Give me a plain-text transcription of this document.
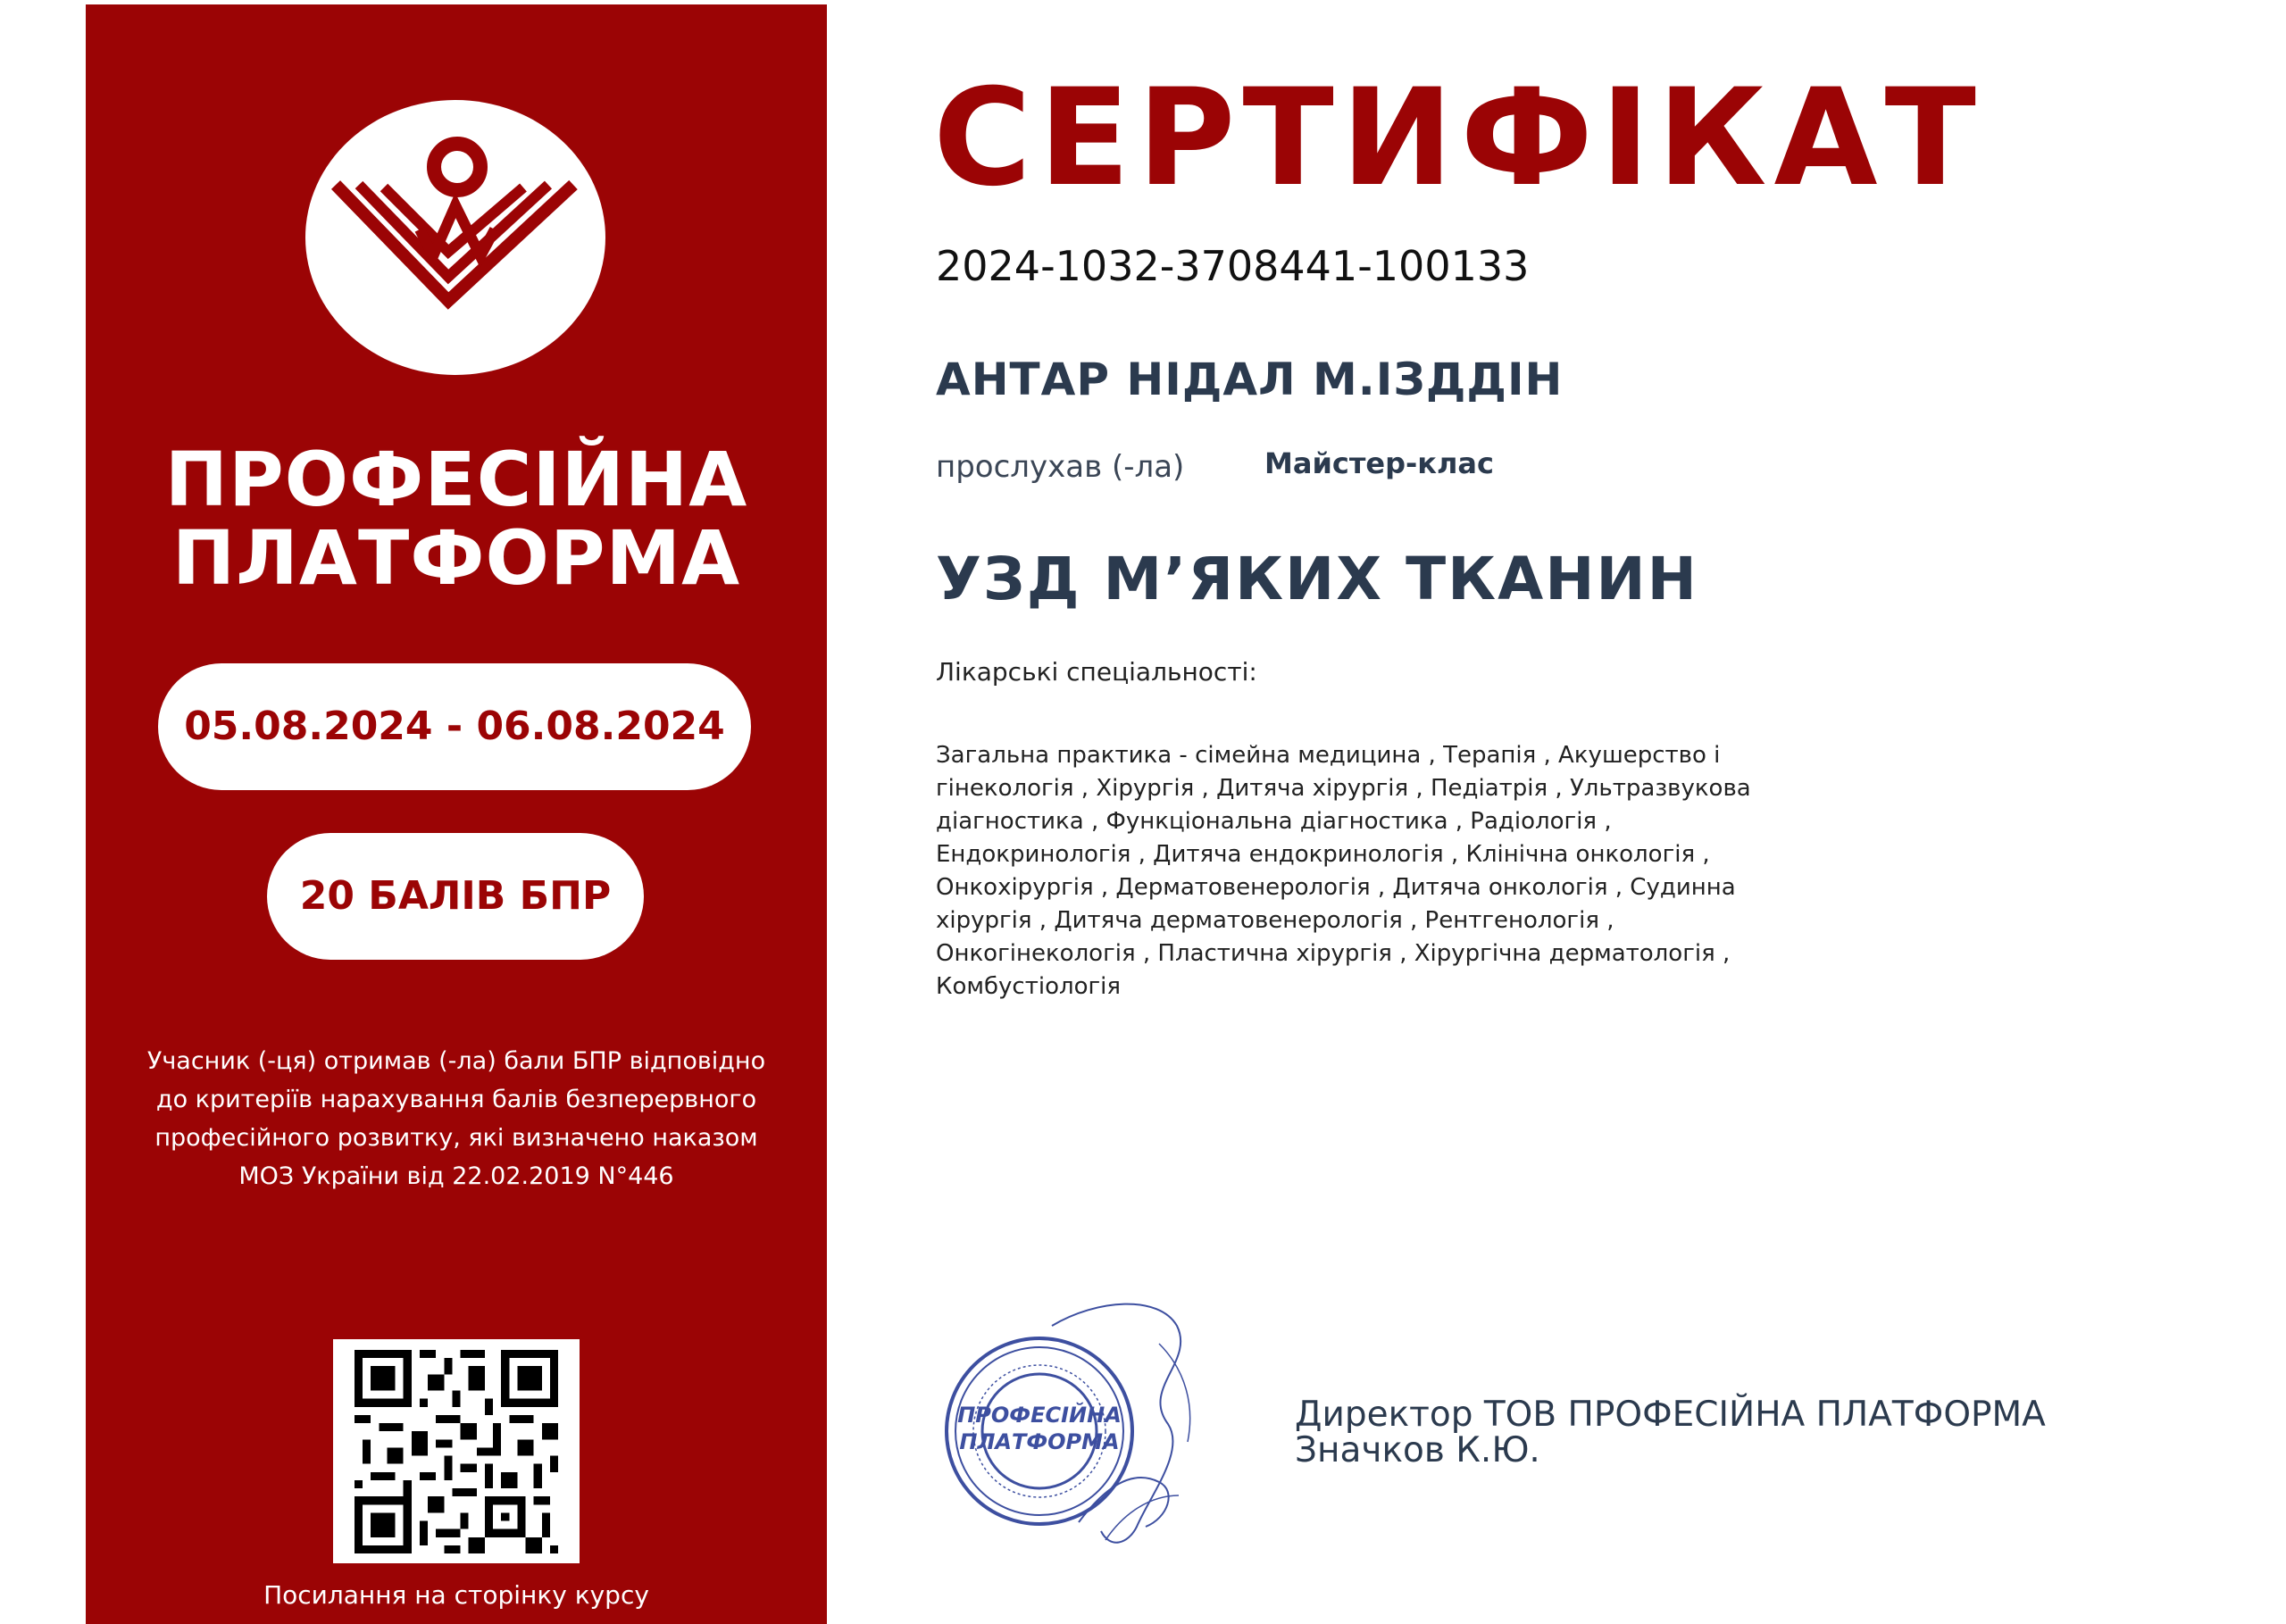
ПРОФЕСІЙНА
ПЛАТФОРМА
05.08.2024 - 06.08.2024
20 БАЛІВ БПР
Учасник (-ця) отримав (-ла) бали БПР відповідно до критеріїв нарахування балів безперервного професійного розвитку, які визначено наказом МОЗ України від 22.02.2019 N°446
Посилання на сторінку курсу
СЕРТИФІКАТ
2024-1032-3708441-100133
АНТАР НІДАЛ М.ІЗДДІН
прослухав (-ла)	Майстер-клас
УЗД М’ЯКИХ ТКАНИН
Лікарські спеціальності:
Загальна практика - сімейна медицина , Терапія , Акушерство і гінекологія , Хірургія , Дитяча хірургія , Педіатрія , Ультразвукова діагностика , Функціональна діагностика , Радіологія , Ендокринологія , Дитяча ендокринологія , Клінічна онкологія , Онкохірургія , Дерматовенерологія , Дитяча онкологія , Судинна хірургія , Дитяча дерматовенерологія , Рентгенологія , Онкогінекологія , Пластична хірургія , Хірургічна дерматологія , Комбустіологія
ПРОФЕСІЙНА
ПЛАТФОРМА
Директор ТОВ ПРОФЕСІЙНА ПЛАТФОРМА
Значков К.Ю.
